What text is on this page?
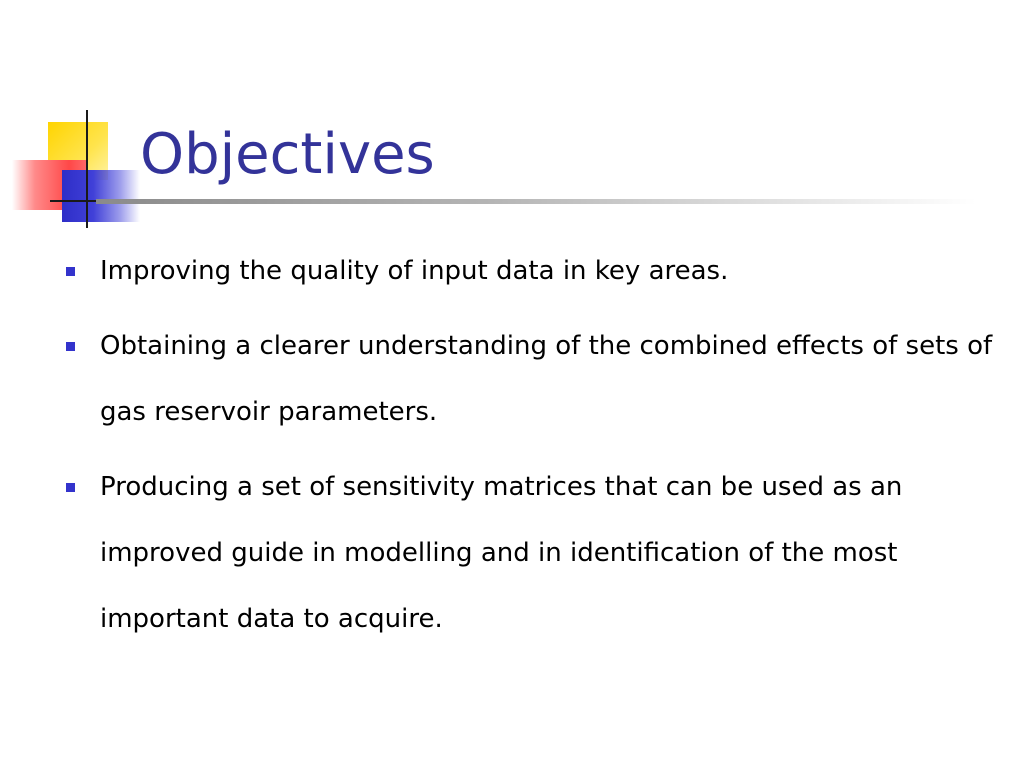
Objectives
Improving the quality of input data in key areas.
Obtaining a clearer understanding of the combined effects of sets of gas reservoir parameters.
Producing a set of sensitivity matrices that can be used as an improved guide in modelling and in identification of the most important data to acquire.
